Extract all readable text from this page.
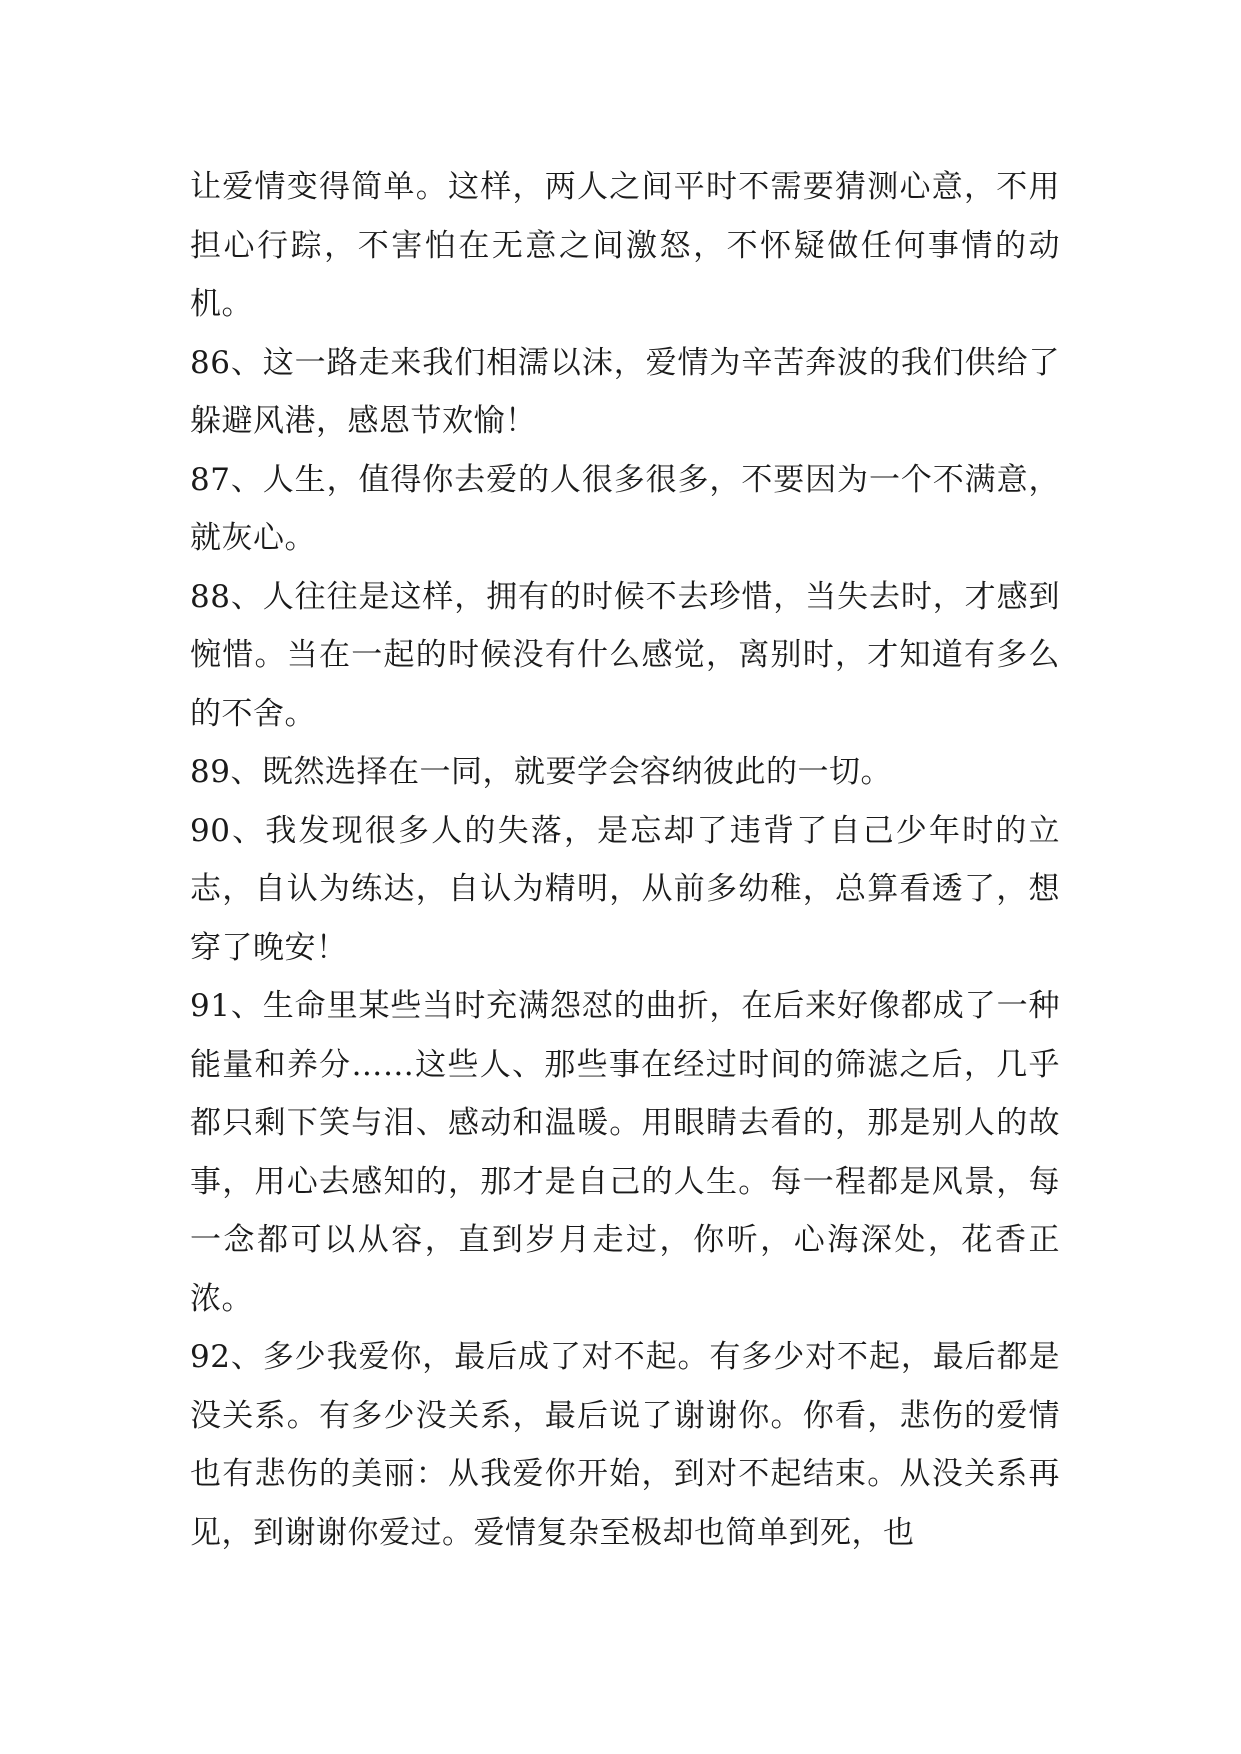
让爱情变得简单。这样，两人之间平时不需要猜测心意，不用担心行踪，不害怕在无意之间激怒，不怀疑做任何事情的动机。

86、这一路走来我们相濡以沫，爱情为辛苦奔波的我们供给了躲避风港，感恩节欢愉！

87、人生，值得你去爱的人很多很多，不要因为一个不满意，就灰心。

88、人往往是这样，拥有的时候不去珍惜，当失去时，才感到惋惜。当在一起的时候没有什么感觉，离别时，才知道有多么的不舍。

89、既然选择在一同，就要学会容纳彼此的一切。

90、我发现很多人的失落，是忘却了违背了自己少年时的立志，自认为练达，自认为精明，从前多幼稚，总算看透了，想穿了晚安！

91、生命里某些当时充满怨怼的曲折，在后来好像都成了一种能量和养分……这些人、那些事在经过时间的筛滤之后，几乎都只剩下笑与泪、感动和温暖。用眼睛去看的，那是别人的故事，用心去感知的，那才是自己的人生。每一程都是风景，每一念都可以从容，直到岁月走过，你听，心海深处，花香正浓。

92、多少我爱你，最后成了对不起。有多少对不起，最后都是没关系。有多少没关系，最后说了谢谢你。你看，悲伤的爱情也有悲伤的美丽：从我爱你开始，到对不起结束。从没关系再见，到谢谢你爱过。爱情复杂至极却也简单到死，也
